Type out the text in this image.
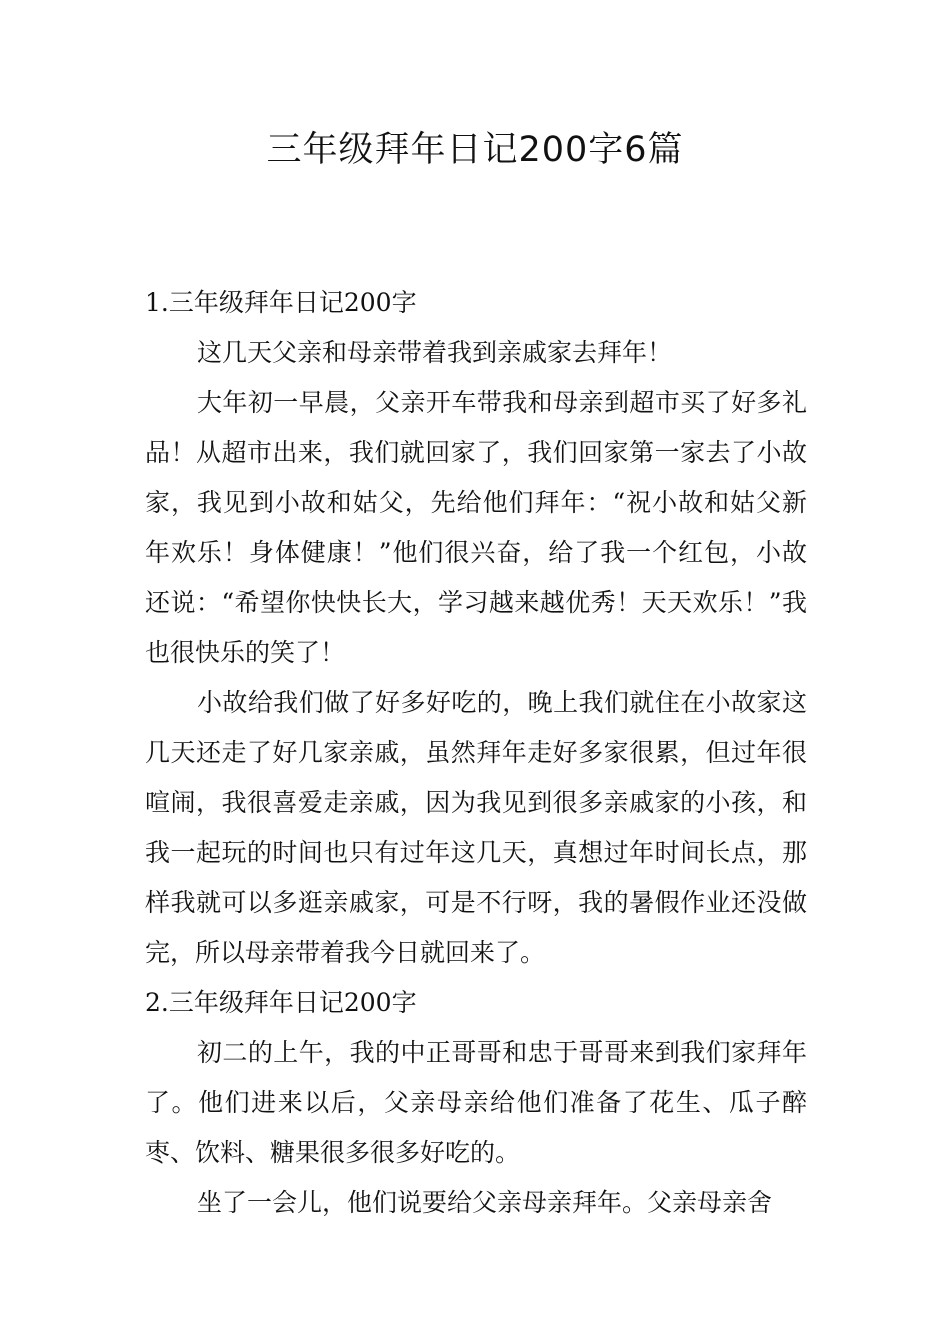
三年级拜年日记200字6篇

1.三年级拜年日记200字

这几天父亲和母亲带着我到亲戚家去拜年！

大年初一早晨，父亲开车带我和母亲到超市买了好多礼品！从超市出来，我们就回家了，我们回家第一家去了小故家，我见到小故和姑父，先给他们拜年：“祝小故和姑父新年欢乐！身体健康！”他们很兴奋，给了我一个红包，小故还说：“希望你快快长大，学习越来越优秀！天天欢乐！”我也很快乐的笑了！

小故给我们做了好多好吃的，晚上我们就住在小故家这几天还走了好几家亲戚，虽然拜年走好多家很累，但过年很喧闹，我很喜爱走亲戚，因为我见到很多亲戚家的小孩，和我一起玩的时间也只有过年这几天，真想过年时间长点，那样我就可以多逛亲戚家，可是不行呀，我的暑假作业还没做完，所以母亲带着我今日就回来了。

2.三年级拜年日记200字

初二的上午，我的中正哥哥和忠于哥哥来到我们家拜年了。他们进来以后，父亲母亲给他们准备了花生、瓜子醉枣、饮料、糖果很多很多好吃的。

坐了一会儿，他们说要给父亲母亲拜年。父亲母亲舍
